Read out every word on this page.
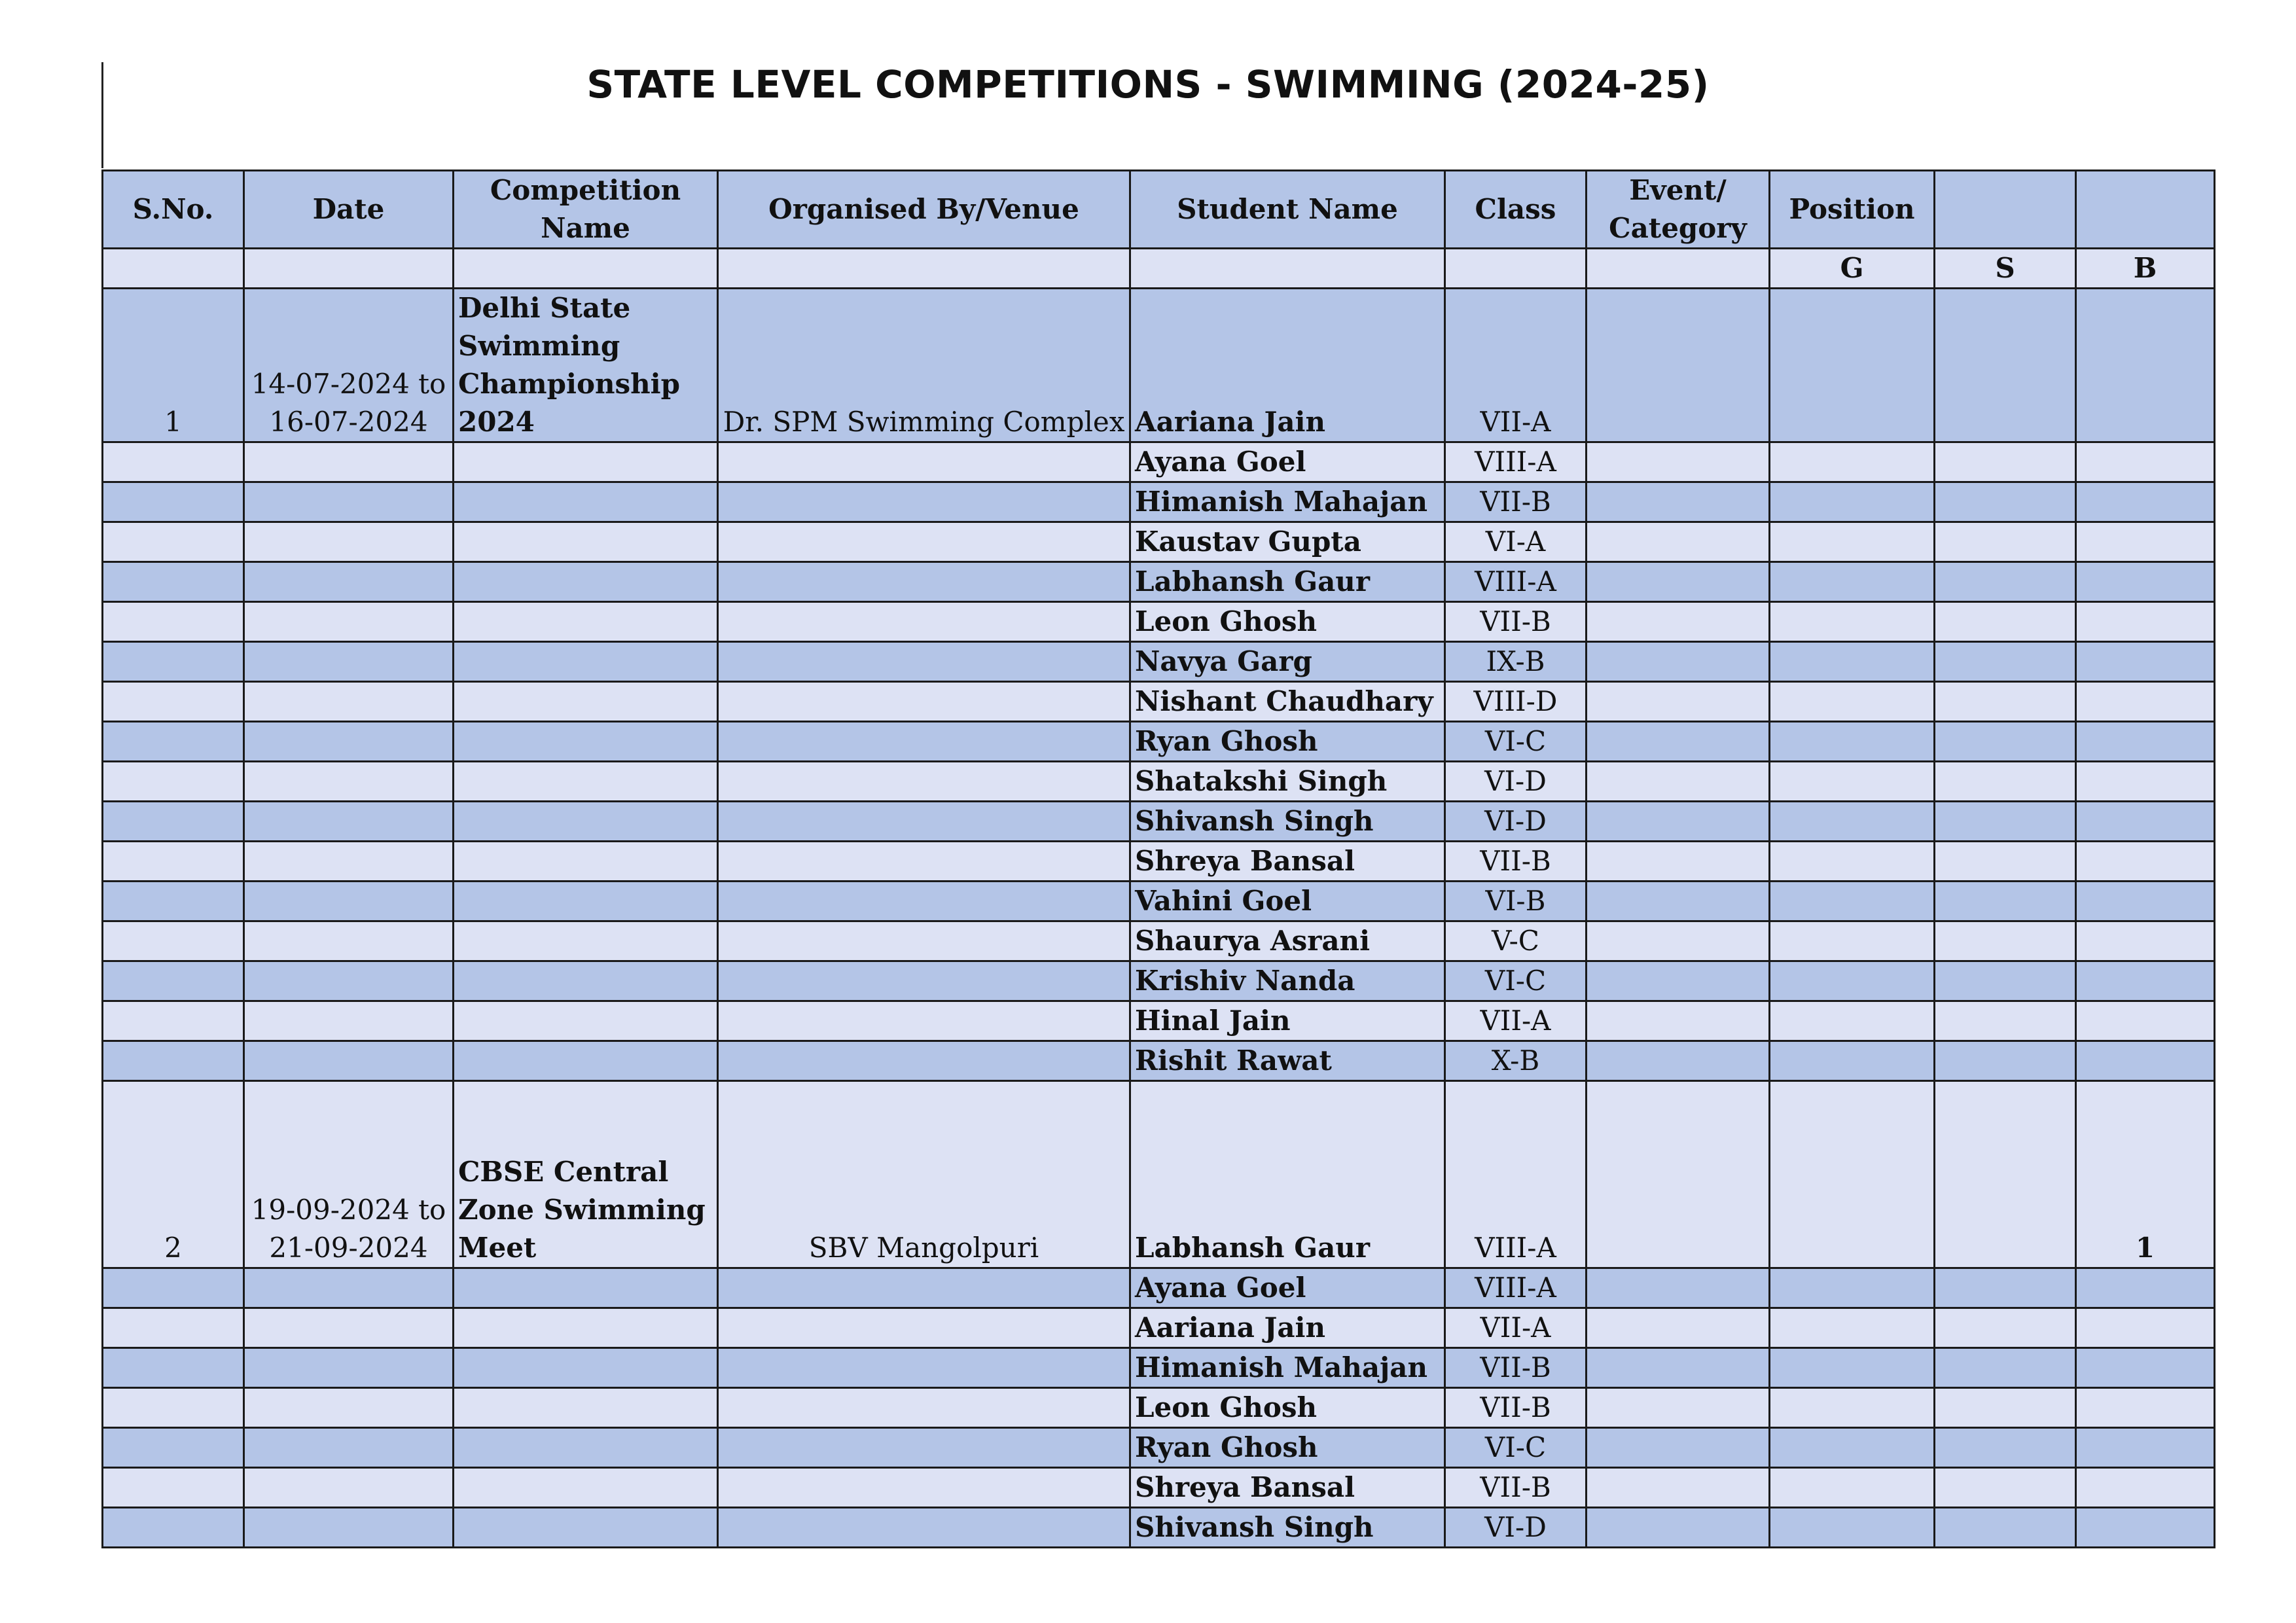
STATE LEVEL COMPETITIONS - SWIMMING (2024-25)
S.No.	Date	Competition Name	Organised By/Venue	Student Name	Class	Event/ Category	Position		
							G	S	B
1	14-07-2024 to 16-07-2024	Delhi State Swimming Championship 2024	Dr. SPM Swimming Complex	Aariana Jain	VII-A				
				Ayana Goel	VIII-A				
				Himanish Mahajan	VII-B				
				Kaustav Gupta	VI-A				
				Labhansh Gaur	VIII-A				
				Leon Ghosh	VII-B				
				Navya Garg	IX-B				
				Nishant Chaudhary	VIII-D				
				Ryan Ghosh	VI-C				
				Shatakshi Singh	VI-D				
				Shivansh Singh	VI-D				
				Shreya Bansal	VII-B				
				Vahini Goel	VI-B				
				Shaurya Asrani	V-C				
				Krishiv Nanda	VI-C				
				Hinal Jain	VII-A				
				Rishit Rawat	X-B				
2	19-09-2024 to 21-09-2024	CBSE Central Zone Swimming Meet	SBV Mangolpuri	Labhansh Gaur	VIII-A				1
				Ayana Goel	VIII-A				
				Aariana Jain	VII-A				
				Himanish Mahajan	VII-B				
				Leon Ghosh	VII-B				
				Ryan Ghosh	VI-C				
				Shreya Bansal	VII-B				
				Shivansh Singh	VI-D				
